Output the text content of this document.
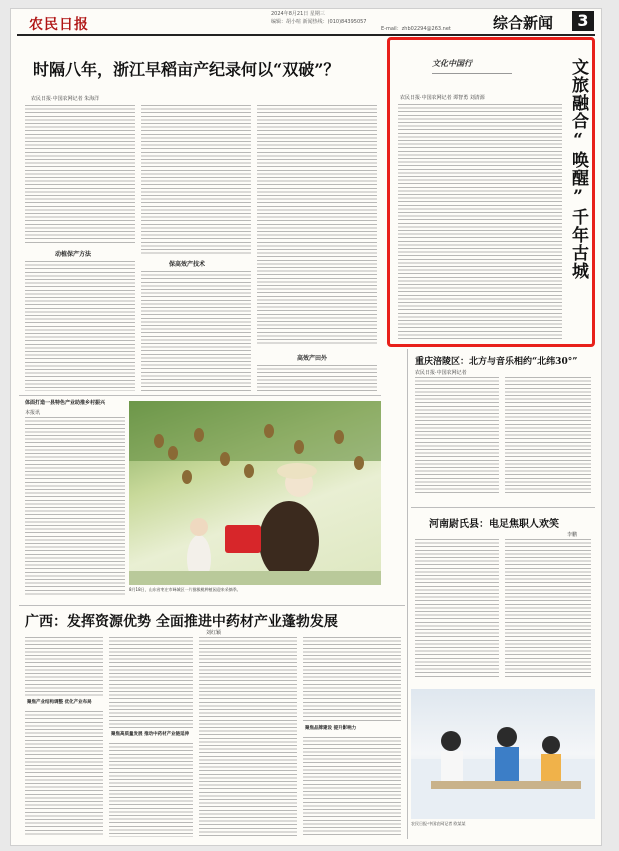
农民日报
2024年8月21日 星期三
编辑：胡小喧 新闻热线：(010)84395057
E-mail：zhb02294@263.net	综合新闻	3
时隔八年，浙江早稻亩产纪录何以“双破”？
农民日报·中国农网记者 朱海洋
动植保产方法
保高效产技术
高效产田外
文化中国行
农民日报·中国农网记者 谭智勇 刘清源	文旅融合“唤醒”千年古城
体面打造一县特色产业助推乡村振兴
本报讯
8月18日，山东省枣庄市峄城区一片猕猴桃种植园迎来采摘季。
重庆涪陵区：北方与音乐相约“北纬30°”
农民日报·中国农网记者
河南尉氏县：电足焦职人欢笑
李鹏
广西：发挥资源优势 全面推进中药材产业蓬勃发展
刘红颖
聚焦产业结构调整 优化产业布局
聚焦高质量发展 推动中药材产业链延伸
聚焦品牌建设 提升影响力
农民日报·中国农网记者 欧某某
